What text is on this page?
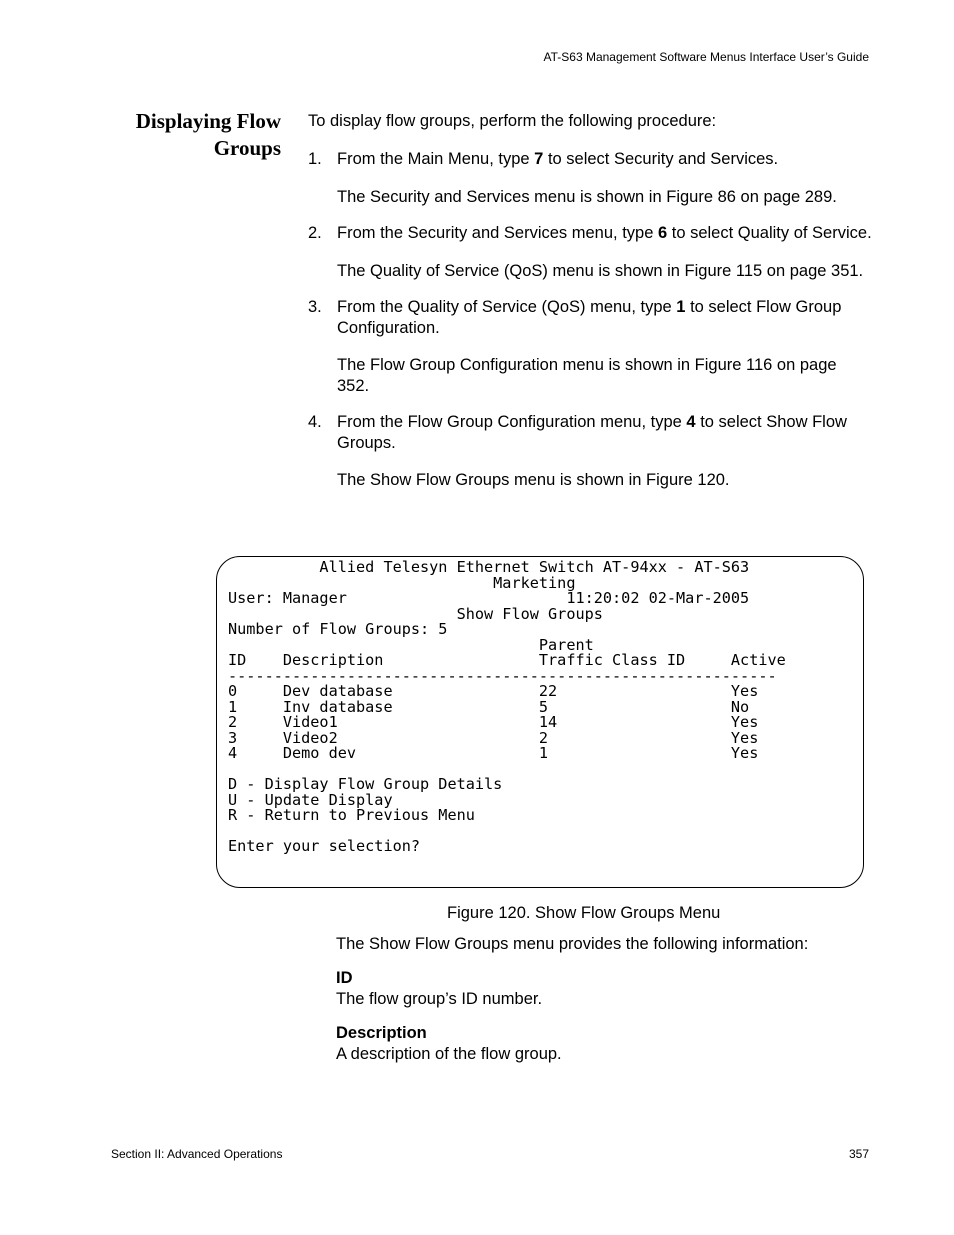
AT-S63 Management Software Menus Interface User’s Guide
Displaying Flow
Groups
To display flow groups, perform the following procedure:
1. From the Main Menu, type 7 to select Security and Services.
The Security and Services menu is shown in Figure 86 on page 289.
2. From the Security and Services menu, type 6 to select Quality of Service.
The Quality of Service (QoS) menu is shown in Figure 115 on page 351.
3. From the Quality of Service (QoS) menu, type 1 to select Flow Group Configuration.
The Flow Group Configuration menu is shown in Figure 116 on page 352.
4. From the Flow Group Configuration menu, type 4 to select Show Flow Groups.
The Show Flow Groups menu is shown in Figure 120.
Allied Telesyn Ethernet Switch AT-94xx - AT-S63
Marketing
User: Manager                        11:20:02 02-Mar-2005
Show Flow Groups
Number of Flow Groups: 5
Parent
ID    Description                 Traffic Class ID     Active
------------------------------------------------------------
0     Dev database                22                   Yes
1     Inv database                5                    No
2     Video1                      14                   Yes
3     Video2                      2                    Yes
4     Demo dev                    1                    Yes

D - Display Flow Group Details
U - Update Display
R - Return to Previous Menu

Enter your selection?
Figure 120. Show Flow Groups Menu
The Show Flow Groups menu provides the following information:
ID
The flow group’s ID number.
Description
A description of the flow group.
Section II: Advanced Operations	357
